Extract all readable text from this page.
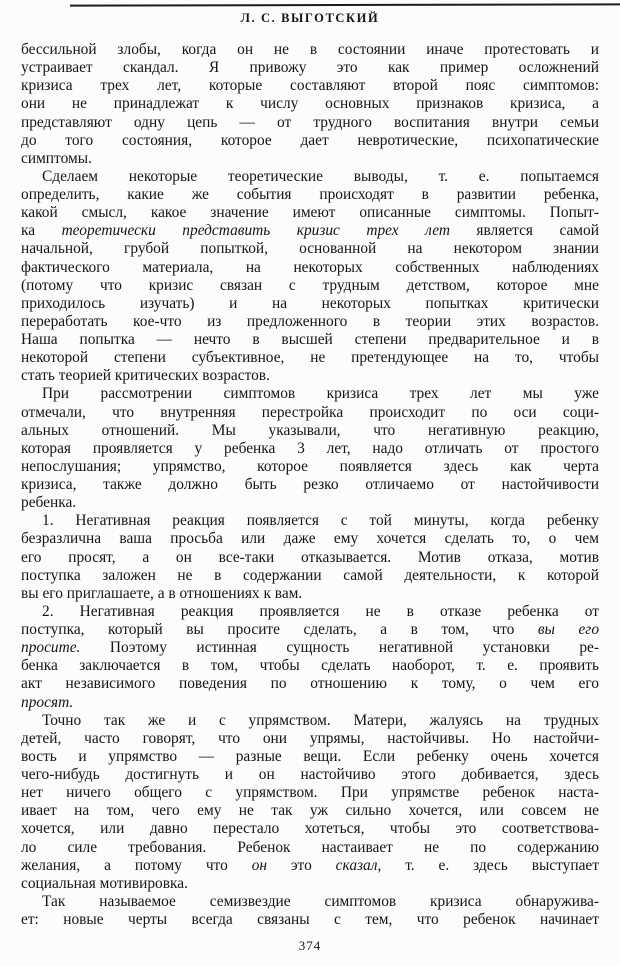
Л. С. ВЫГОТСКИЙ
бессильной злобы, когда он не в состоянии иначе протестовать и
устраивает скандал. Я привожу это как пример осложнений
кризиса трех лет, которые составляют второй пояс симптомов:
они не принадлежат к числу основных признаков кризиса, а
представляют одну цепь — от трудного воспитания внутри семьи
до того состояния, которое дает невротические, психопатические
симптомы.
Сделаем некоторые теоретические выводы, т. е. попытаемся
определить, какие же события происходят в развитии ребенка,
какой смысл, какое значение имеют описанные симптомы. Попыт-
ка теоретически представить кризис трех лет является самой
начальной, грубой попыткой, основанной на некотором знании
фактического материала, на некоторых собственных наблюдениях
(потому что кризис связан с трудным детством, которое мне
приходилось изучать) и на некоторых попытках критически
переработать кое-что из предложенного в теории этих возрастов.
Наша попытка — нечто в высшей степени предварительное и в
некоторой степени субъективное, не претендующее на то, чтобы
стать теорией критических возрастов.
При рассмотрении симптомов кризиса трех лет мы уже
отмечали, что внутренняя перестройка происходит по оси соци-
альных отношений. Мы указывали, что негативную реакцию,
которая проявляется у ребенка 3 лет, надо отличать от простого
непослушания; упрямство, которое появляется здесь как черта
кризиса, также должно быть резко отличаемо от настойчивости
ребенка.
1. Негативная реакция появляется с той минуты, когда ребенку
безразлична ваша просьба или даже ему хочется сделать то, о чем
его просят, а он все-таки отказывается. Мотив отказа, мотив
поступка заложен не в содержании самой деятельности, к которой
вы его приглашаете, а в отношениях к вам.
2. Негативная реакция проявляется не в отказе ребенка от
поступка, который вы просите сделать, а в том, что вы его
просите. Поэтому истинная сущность негативной установки ре-
бенка заключается в том, чтобы сделать наоборот, т. е. проявить
акт независимого поведения по отношению к тому, о чем его
просят.
Точно так же и с упрямством. Матери, жалуясь на трудных
детей, часто говорят, что они упрямы, настойчивы. Но настойчи-
вость и упрямство — разные вещи. Если ребенку очень хочется
чего-нибудь достигнуть и он настойчиво этого добивается, здесь
нет ничего общего с упрямством. При упрямстве ребенок наста-
ивает на том, чего ему не так уж сильно хочется, или совсем не
хочется, или давно перестало хотеться, чтобы это соответствова-
ло силе требования. Ребенок настаивает не по содержанию
желания, а потому что он это сказал, т. е. здесь выступает
социальная мотивировка.
Так называемое семизвездие симптомов кризиса обнаружива-
ет: новые черты всегда связаны с тем, что ребенок начинает
374
